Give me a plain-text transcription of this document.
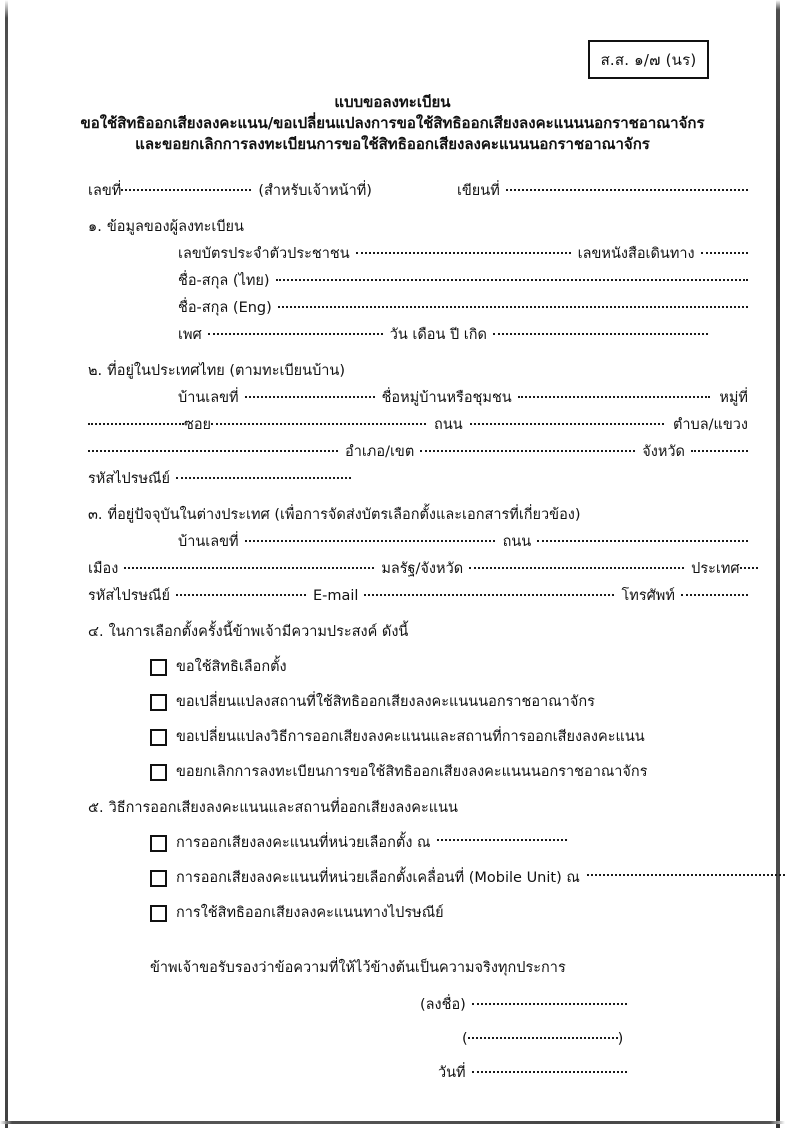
ส.ส. ๑/๗ (นร)
แบบขอลงทะเบียน
ขอใช้สิทธิออกเสียงลงคะแนน/ขอเปลี่ยนแปลงการขอใช้สิทธิออกเสียงลงคะแนนนอกราชอาณาจักร
และขอยกเลิกการลงทะเบียนการขอใช้สิทธิออกเสียงลงคะแนนนอกราชอาณาจักร
เลขที่	(สำหรับเจ้าหน้าที่)	เขียนที่
๑. ข้อมูลของผู้ลงทะเบียน
เลขบัตรประจำตัวประชาชน	เลขหนังสือเดินทาง
ชื่อ-สกุล (ไทย)
ชื่อ-สกุล (Eng)
เพศ	วัน เดือน ปี เกิด
๒. ที่อยู่ในประเทศไทย (ตามทะเบียนบ้าน)
บ้านเลขที่	ชื่อหมู่บ้านหรือชุมชน	หมู่ที่
ซอย	ถนน	ตำบล/แขวง
อำเภอ/เขต	จังหวัด
รหัสไปรษณีย์
๓. ที่อยู่ปัจจุบันในต่างประเทศ (เพื่อการจัดส่งบัตรเลือกตั้งและเอกสารที่เกี่ยวข้อง)
บ้านเลขที่	ถนน
เมือง	มลรัฐ/จังหวัด	ประเทศ
รหัสไปรษณีย์	E-mail	โทรศัพท์
๔. ในการเลือกตั้งครั้งนี้ข้าพเจ้ามีความประสงค์ ดังนี้
ขอใช้สิทธิเลือกตั้ง
ขอเปลี่ยนแปลงสถานที่ใช้สิทธิออกเสียงลงคะแนนนอกราชอาณาจักร
ขอเปลี่ยนแปลงวิธีการออกเสียงลงคะแนนและสถานที่การออกเสียงลงคะแนน
ขอยกเลิกการลงทะเบียนการขอใช้สิทธิออกเสียงลงคะแนนนอกราชอาณาจักร
๕. วิธีการออกเสียงลงคะแนนและสถานที่ออกเสียงลงคะแนน
การออกเสียงลงคะแนนที่หน่วยเลือกตั้ง ณ
การออกเสียงลงคะแนนที่หน่วยเลือกตั้งเคลื่อนที่ (Mobile Unit) ณ
การใช้สิทธิออกเสียงลงคะแนนทางไปรษณีย์
ข้าพเจ้าขอรับรองว่าข้อความที่ให้ไว้ข้างต้นเป็นความจริงทุกประการ
(ลงชื่อ)
(	)
วันที่
